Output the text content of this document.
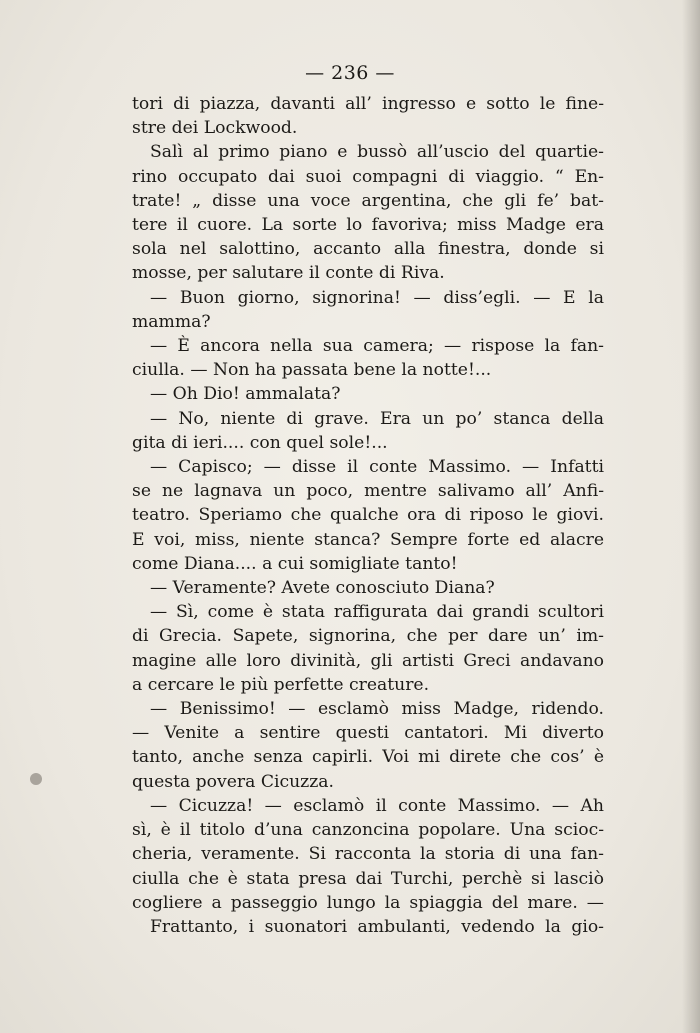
— 236 —
tori di piazza, davanti all’ ingresso e sotto le fine-
stre dei Lockwood.
Salì al primo piano e bussò all’uscio del quartie-
rino occupato dai suoi compagni di viaggio. “ En-
trate! „ disse una voce argentina, che gli fe’ bat-
tere il cuore. La sorte lo favoriva; miss Madge era
sola nel salottino, accanto alla finestra, donde si
mosse, per salutare il conte di Riva.
— Buon giorno, signorina! — diss’egli. — E la
mamma?
— È ancora nella sua camera; — rispose la fan-
ciulla. — Non ha passata bene la notte!...
— Oh Dio! ammalata?
— No, niente di grave. Era un po’ stanca della
gita di ieri.... con quel sole!...
— Capisco; — disse il conte Massimo. — Infatti
se ne lagnava un poco, mentre salivamo all’ Anfi-
teatro. Speriamo che qualche ora di riposo le giovi.
E voi, miss, niente stanca? Sempre forte ed alacre
come Diana.... a cui somigliate tanto!
— Veramente? Avete conosciuto Diana?
— Sì, come è stata raffigurata dai grandi scultori
di Grecia. Sapete, signorina, che per dare un’ im-
magine alle loro divinità, gli artisti Greci andavano
a cercare le più perfette creature.
— Benissimo! — esclamò miss Madge, ridendo.
— Venite a sentire questi cantatori. Mi diverto
tanto, anche senza capirli. Voi mi direte che cos’ è
questa povera Cicuzza.
— Cicuzza! — esclamò il conte Massimo. — Ah
sì, è il titolo d’una canzoncina popolare. Una scioc-
cheria, veramente. Si racconta la storia di una fan-
ciulla che è stata presa dai Turchi, perchè si lasciò
cogliere a passeggio lungo la spiaggia del mare. —
Frattanto, i suonatori ambulanti, vedendo la gio-
